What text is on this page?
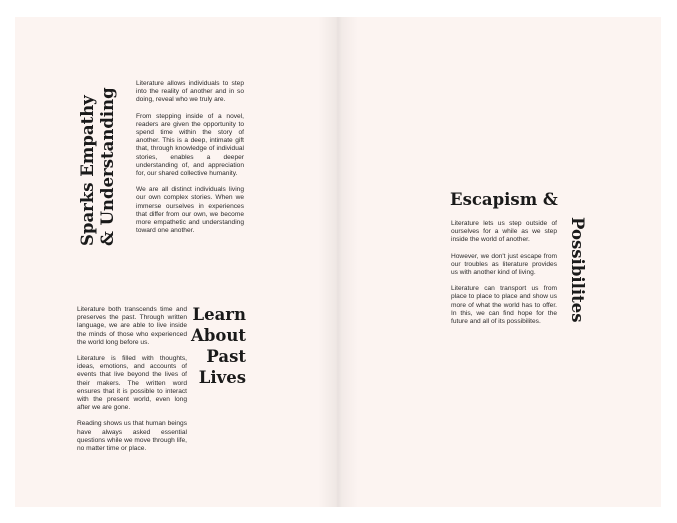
Sparks Empathy & Understanding

Literature allows individuals to step into the reality of another and in so doing, reveal who we truly are.

From stepping inside of a novel, readers are given the opportunity to spend time within the story of another. This is a deep, intimate gift that, through knowledge of individual stories, enables a deeper understanding of, and appreciation for, our shared collective humanity.

We are all distinct individuals living our own complex stories. When we immerse ourselves in experiences that differ from our own, we become more empathetic and understanding toward one another.

Literature both transcends time and preserves the past. Through written language, we are able to live inside the minds of those who experienced the world long before us.

Literature is filled with thoughts, ideas, emotions, and accounts of events that live beyond the lives of their makers. The written word ensures that it is possible to interact with the present world, even long after we are gone.

Reading shows us that human beings have always asked essential questions while we move through life, no matter time or place.

Learn
About
Past
Lives
Escapism &
Possibilites

Literature lets us step outside of ourselves for a while as we step inside the world of another.

However, we don't just escape from our troubles as literature provides us with another kind of living.

Literature can transport us from place to place to place and show us more of what the world has to offer. In this, we can find hope for the future and all of its possibilites.
